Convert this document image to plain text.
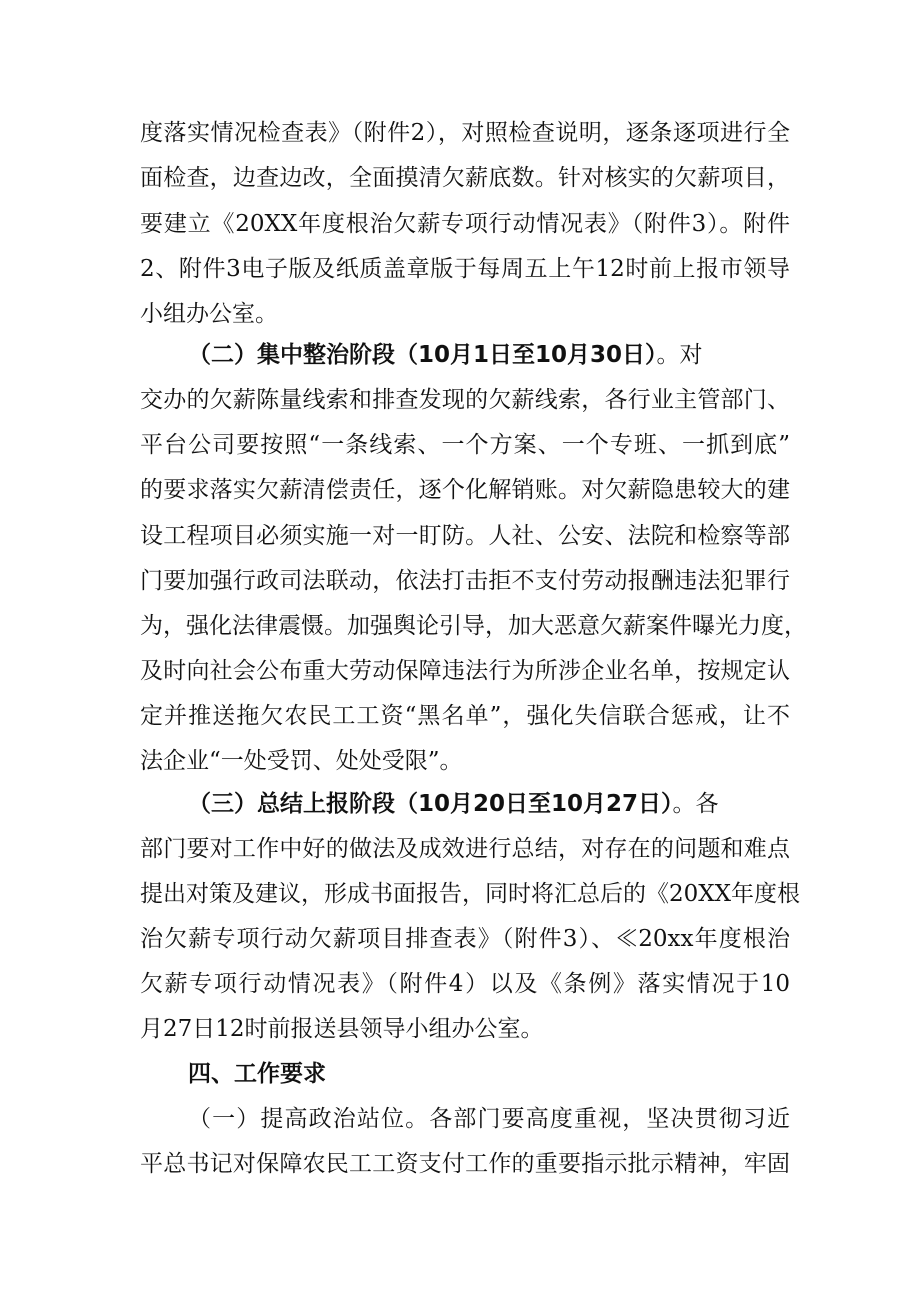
度落实情况检查表》（附件2），对照检查说明，逐条逐项进行全
面检查，边查边改，全面摸清欠薪底数。针对核实的欠薪项目，
要建立《20XX年度根治欠薪专项行动情况表》（附件3）。附件
2、附件3电子版及纸质盖章版于每周五上午12时前上报市领导
小组办公室。
（二）集中整治阶段（10月1日至10月30日）。对
交办的欠薪陈量线索和排查发现的欠薪线索，各行业主管部门、
平台公司要按照“一条线索、一个方案、一个专班、一抓到底”
的要求落实欠薪清偿责任，逐个化解销账。对欠薪隐患较大的建
设工程项目必须实施一对一盯防。人社、公安、法院和检察等部
门要加强行政司法联动，依法打击拒不支付劳动报酬违法犯罪行
为，强化法律震慑。加强舆论引导，加大恶意欠薪案件曝光力度，
及时向社会公布重大劳动保障违法行为所涉企业名单，按规定认
定并推送拖欠农民工工资“黑名单”，强化失信联合惩戒，让不
法企业“一处受罚、处处受限”。
（三）总结上报阶段（10月20日至10月27日）。各
部门要对工作中好的做法及成效进行总结，对存在的问题和难点
提出对策及建议，形成书面报告，同时将汇总后的《20XX年度根
治欠薪专项行动欠薪项目排查表》（附件3）、≪20xx年度根治
欠薪专项行动情况表》（附件4）以及《条例》落实情况于10
月27日12时前报送县领导小组办公室。
四、工作要求
（一）提高政治站位。各部门要高度重视，坚决贯彻习近
平总书记对保障农民工工资支付工作的重要指示批示精神，牢固
